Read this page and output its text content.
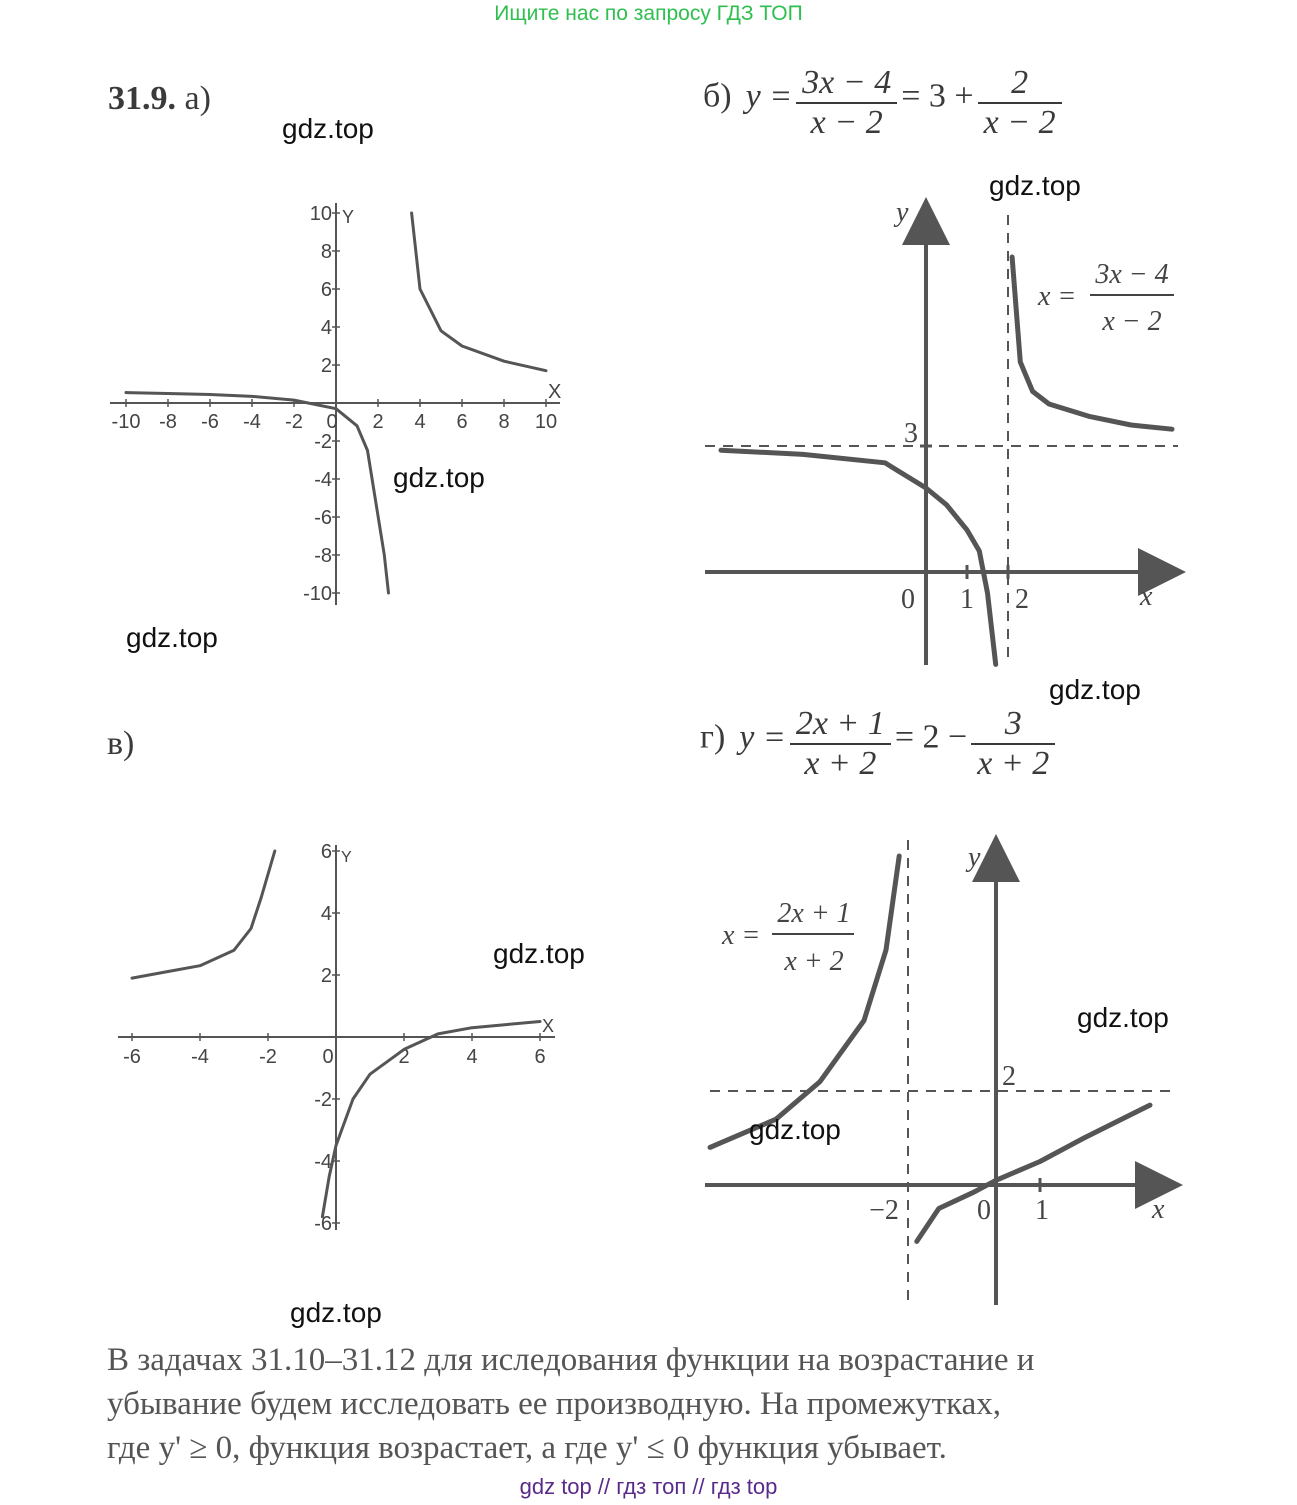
Ищите нас по запросу ГДЗ ТОП
31.9. а)	б) $y = \frac{3x - 4}{x - 2} = 3 + \frac{2}{x - 2}$
в)	г) $y = \frac{2x + 1}{x + 2} = 2 - \frac{3}{x + 2}$
-10 -8 -6 -4 -2 0 2 4 6 8 10
10
8
6
4
2
-2
-4
-6
-8
-10
X
Y
0 1 2
3
y
x
x =
3x − 4
x − 2
-6	-4	-2 0	2	4	6
6
4
2
-2
-4
-6
X
Y
−2	0 1
2
y
x
x =
2x + 1
x + 2
gdz.top
gdz.top
gdz.top
gdz.top
gdz.top
gdz.top
gdz.top
gdz.top
gdz.top
В задачах 31.10–31.12 для иследования функции на возрастание и
убывание будем исследовать ее производную. На промежутках,
где y' ≥ 0, функция возрастает, а где y' ≤ 0 функция убывает.
gdz top // гдз топ // гдз top
